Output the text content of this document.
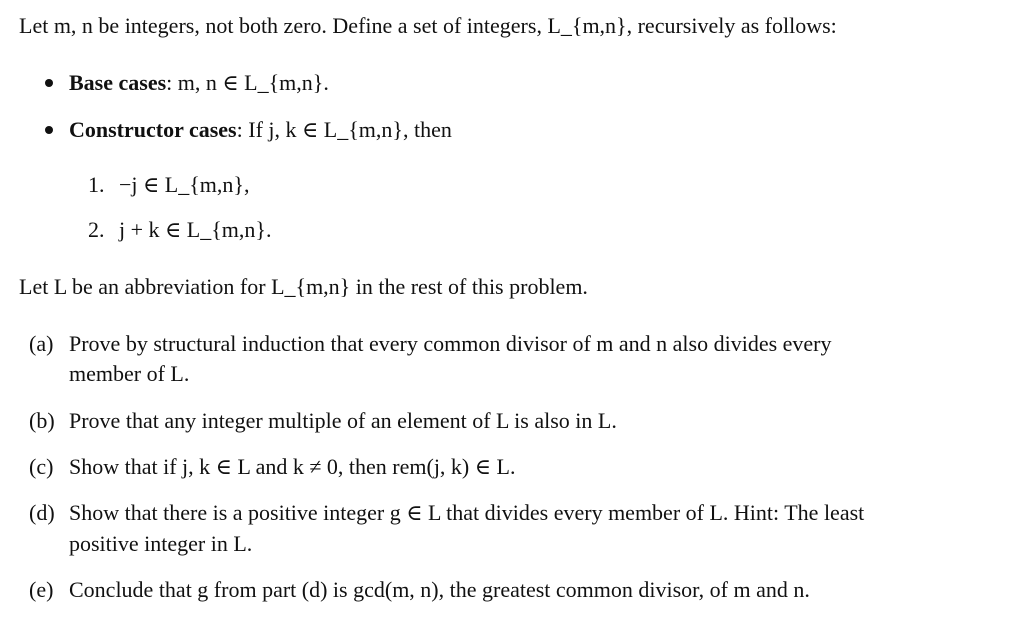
Let m, n be integers, not both zero. Define a set of integers, L_{m,n}, recursively as follows:
Base cases: m, n ∈ L_{m,n}.
Constructor cases: If j, k ∈ L_{m,n}, then
1. −j ∈ L_{m,n},
2. j + k ∈ L_{m,n}.
Let L be an abbreviation for L_{m,n} in the rest of this problem.
(a) Prove by structural induction that every common divisor of m and n also divides every
member of L.
(b) Prove that any integer multiple of an element of L is also in L.
(c) Show that if j, k ∈ L and k ≠ 0, then rem(j, k) ∈ L.
(d) Show that there is a positive integer g ∈ L that divides every member of L. Hint: The least
positive integer in L.
(e) Conclude that g from part (d) is gcd(m, n), the greatest common divisor, of m and n.
